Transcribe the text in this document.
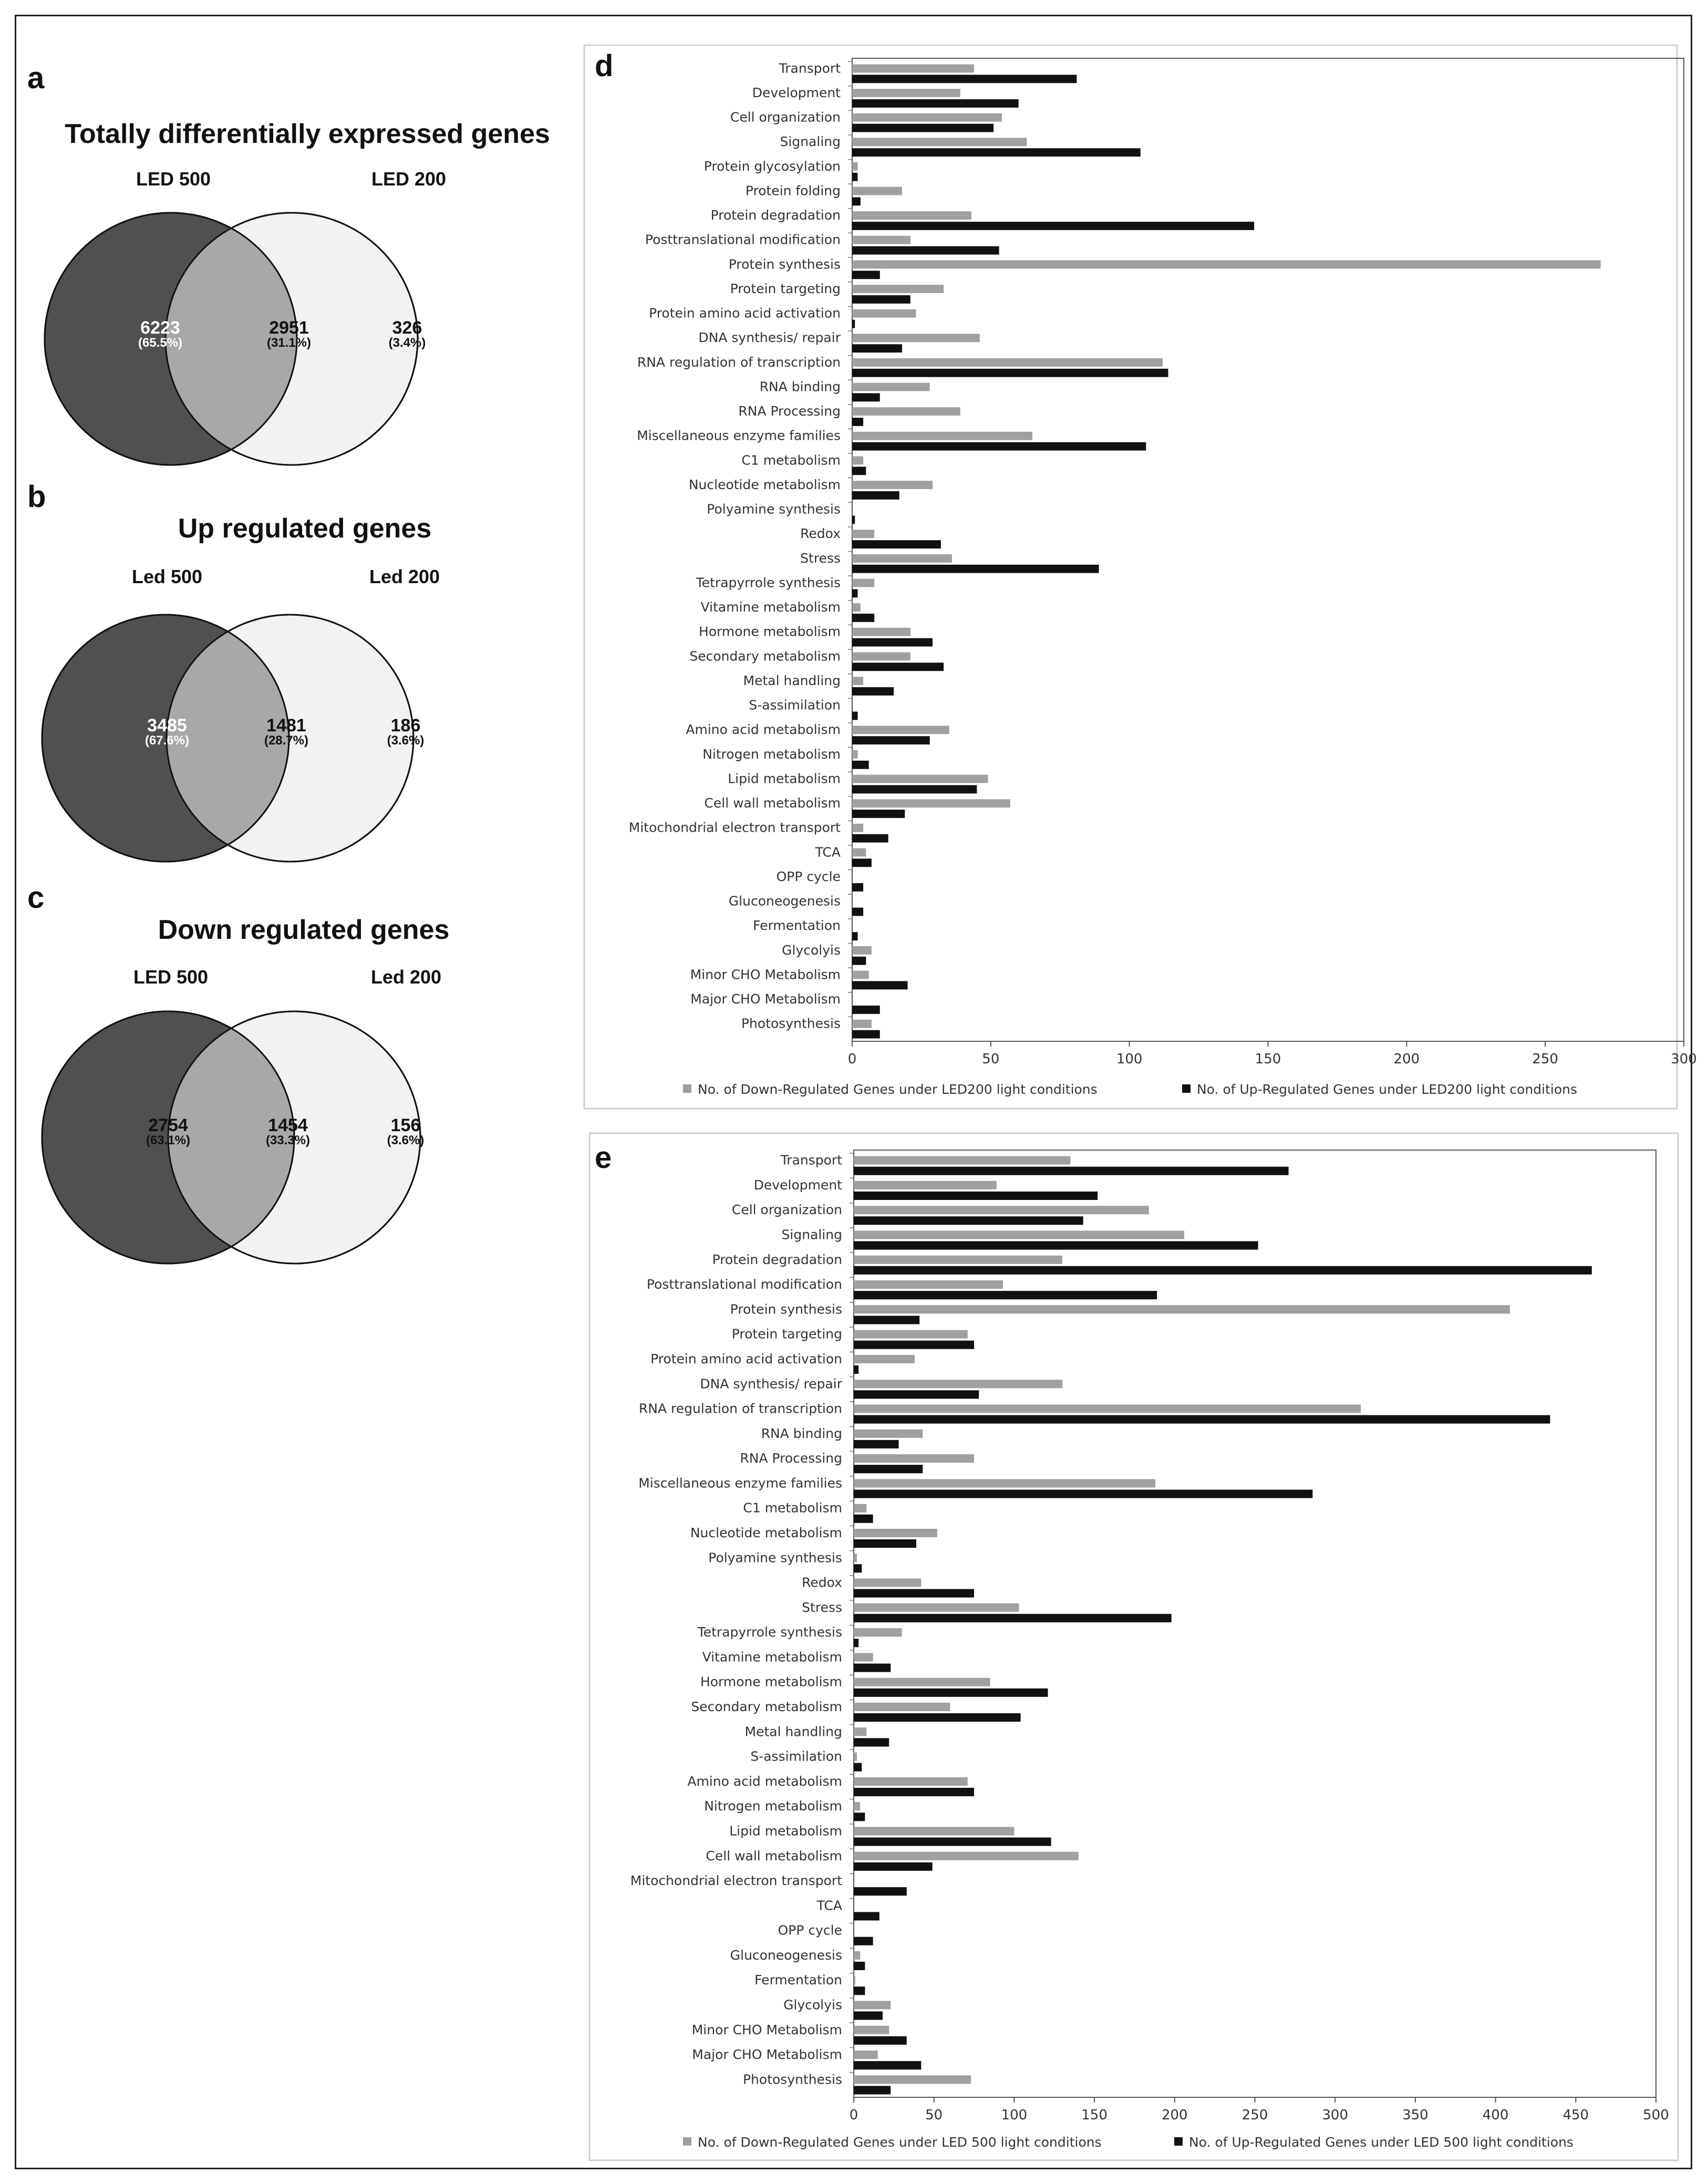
a
Totally differentially expressed genes
LED 500	LED 200
6223
(65.5%)
2951
(31.1%)
326
(3.4%)
b
Up regulated genes
Led 500	Led 200
3485
(67.6%)
1481
(28.7%)
186
(3.6%)
c
Down regulated genes
LED 500	Led 200
2754
(63.1%)
1454
(33.3%)
156
(3.6%)
d
0	50	100	150	200	250	300
Transport
Development
Cell organization
Signaling
Protein glycosylation
Protein folding
Protein degradation
Posttranslational modification
Protein synthesis
Protein targeting
Protein amino acid activation
DNA synthesis/ repair
RNA regulation of transcription
RNA binding
RNA Processing
Miscellaneous enzyme families
C1 metabolism
Nucleotide metabolism
Polyamine synthesis
Redox
Stress
Tetrapyrrole synthesis
Vitamine metabolism
Hormone metabolism
Secondary metabolism
Metal handling
S-assimilation
Amino acid metabolism
Nitrogen metabolism
Lipid metabolism
Cell wall metabolism
Mitochondrial electron transport
TCA
OPP cycle
Gluconeogenesis
Fermentation
Glycolyis
Minor CHO Metabolism
Major CHO Metabolism
Photosynthesis
No. of Down-Regulated Genes under LED200 light conditions	No. of Up-Regulated Genes under LED200 light conditions
e
0	50	100	150	200	250	300	350	400	450	500
Transport
Development
Cell organization
Signaling
Protein degradation
Posttranslational modification
Protein synthesis
Protein targeting
Protein amino acid activation
DNA synthesis/ repair
RNA regulation of transcription
RNA binding
RNA Processing
Miscellaneous enzyme families
C1 metabolism
Nucleotide metabolism
Polyamine synthesis
Redox
Stress
Tetrapyrrole synthesis
Vitamine metabolism
Hormone metabolism
Secondary metabolism
Metal handling
S-assimilation
Amino acid metabolism
Nitrogen metabolism
Lipid metabolism
Cell wall metabolism
Mitochondrial electron transport
TCA
OPP cycle
Gluconeogenesis
Fermentation
Glycolyis
Minor CHO Metabolism
Major CHO Metabolism
Photosynthesis
No. of Down-Regulated Genes under LED 500 light conditions	No. of Up-Regulated Genes under LED 500 light conditions
